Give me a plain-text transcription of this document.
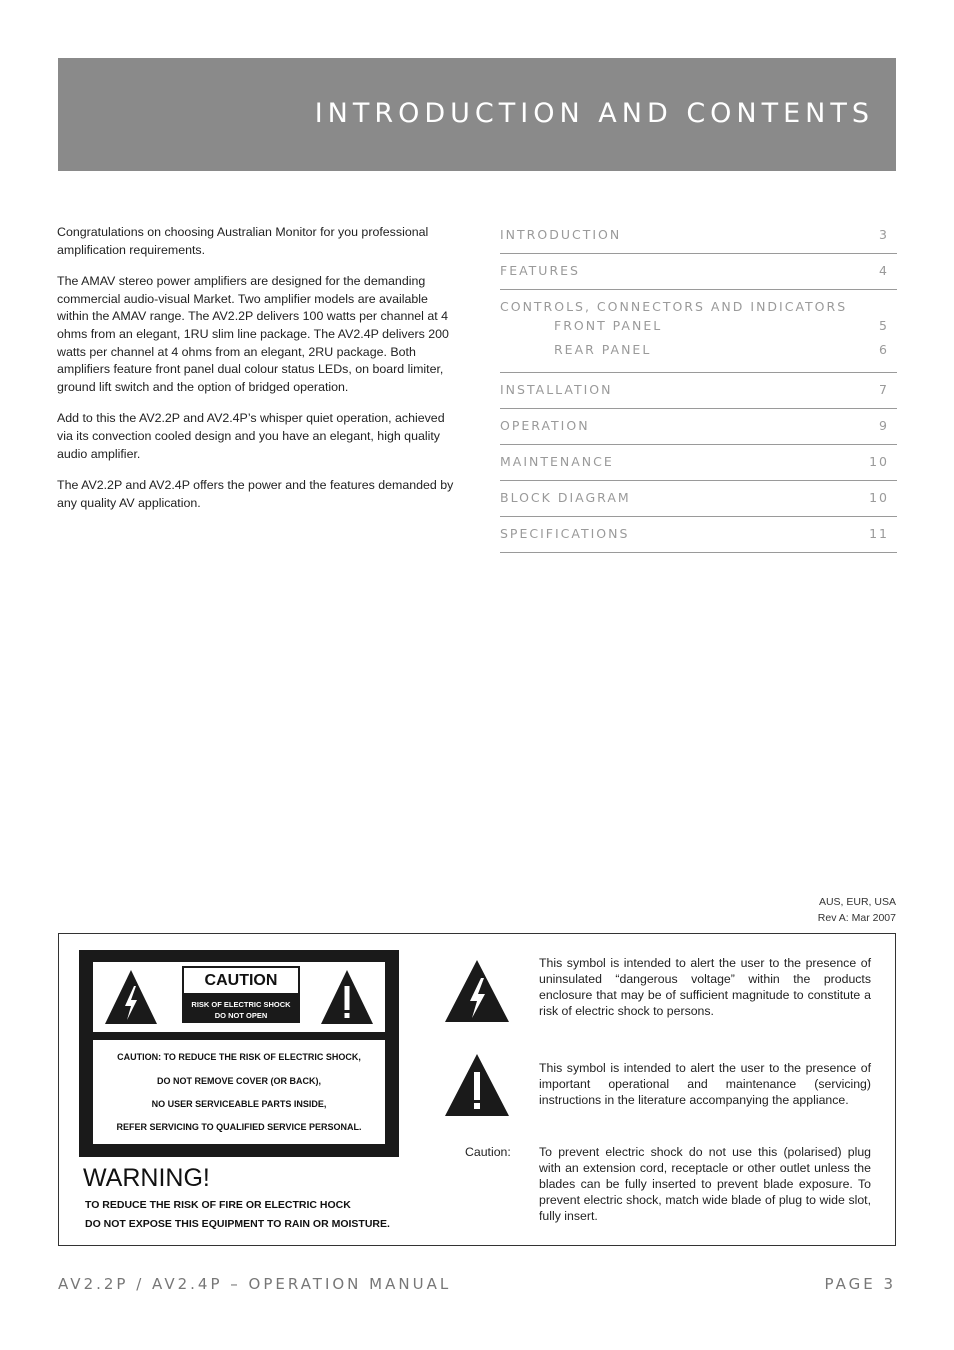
INTRODUCTION AND CONTENTS

Congratulations on choosing Australian Monitor for you professional amplification requirements.

The AMAV stereo power amplifiers are designed for the demanding commercial audio-visual Market. Two amplifier models are available within the AMAV range. The AV2.2P delivers 100 watts per channel at 4 ohms from an elegant, 1RU slim line package. The AV2.4P delivers 200 watts per channel at 4 ohms from an elegant, 2RU package. Both amplifiers feature front panel dual colour status LEDs, on board limiter, ground lift switch and the option of bridged operation.

Add to this the AV2.2P and AV2.4P’s whisper quiet operation, achieved via its convection cooled design and you have an elegant, high quality audio amplifier.

The AV2.2P and AV2.4P offers the power and the features demanded by any quality AV application.

INTRODUCTION	3
FEATURES	4
CONTROLS, CONNECTORS AND INDICATORS
FRONT PANEL	5
REAR PANEL	6
INSTALLATION	7
OPERATION	9
MAINTENANCE	10
BLOCK DIAGRAM	10
SPECIFICATIONS	11
AUS, EUR, USA
Rev A: Mar 2007
CAUTION
RISK OF ELECTRIC SHOCK
DO NOT OPEN
CAUTION: TO REDUCE THE RISK OF ELECTRIC SHOCK,
DO NOT REMOVE COVER (OR BACK),
NO USER SERVICEABLE PARTS INSIDE,
REFER SERVICING TO QUALIFIED SERVICE PERSONAL.
WARNING!
TO REDUCE THE RISK OF FIRE OR ELECTRIC HOCK
DO NOT EXPOSE THIS EQUIPMENT TO RAIN OR MOISTURE.
This symbol is intended to alert the user to the presence of uninsulated “dangerous voltage” within the products enclosure that may be of sufficient magnitude to constitute a risk of electric shock to persons.
This symbol is intended to alert the user to the presence of important operational and maintenance (servicing) instructions in the literature accompanying the appliance.
Caution: To prevent electric shock do not use this (polarised) plug with an extension cord, receptacle or other outlet unless the blades can be fully inserted to prevent blade exposure. To prevent electric shock, match wide blade of plug to wide slot, fully insert.
AV2.2P / AV2.4P – OPERATION MANUAL	PAGE 3
